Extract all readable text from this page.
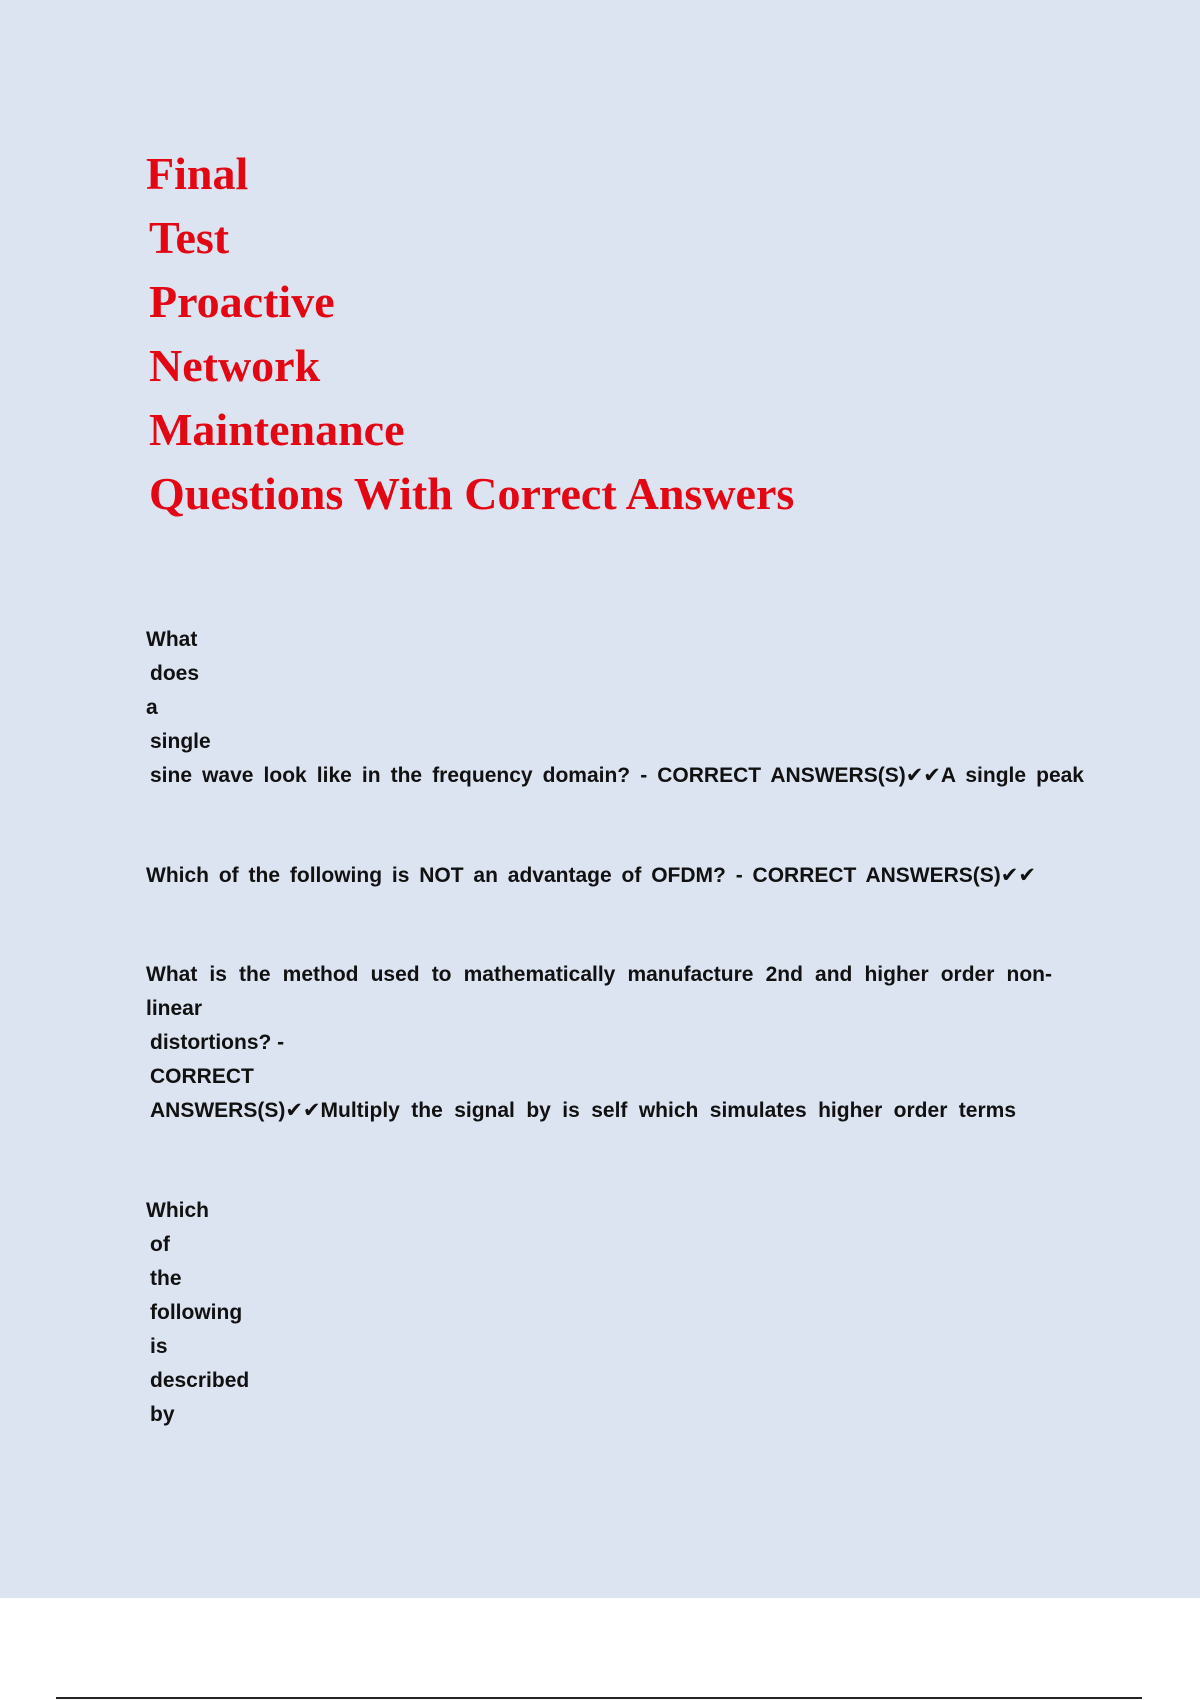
Final
Test
Proactive
Network
Maintenance
Questions With Correct Answers
What
does
a
single
sine wave look like in the frequency domain? - CORRECT ANSWERS(S)✔✔A single peak
Which of the following is NOT an advantage of OFDM? - CORRECT ANSWERS(S)✔✔
What is the method used to mathematically manufacture 2nd and higher order non-
linear
distortions? -
CORRECT
ANSWERS(S)✔✔Multiply the signal by is self which simulates higher order terms
Which
of
the
following
is
described
by
